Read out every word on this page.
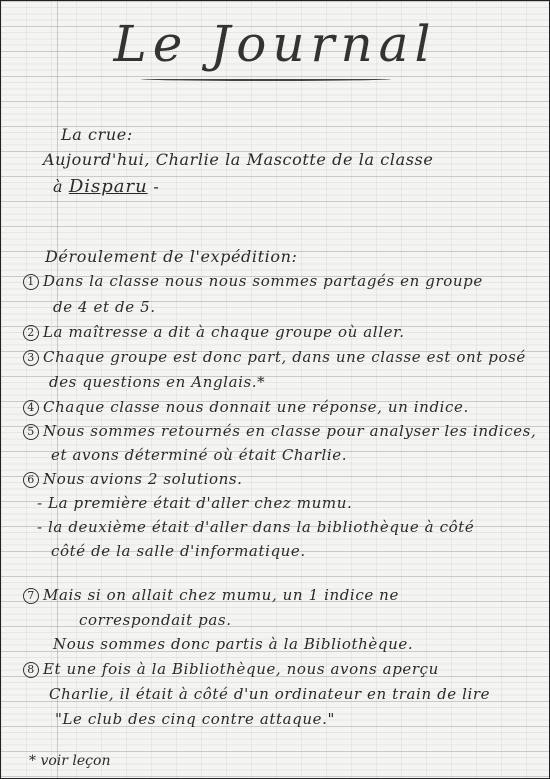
Le Journal
La crue:
Aujourd'hui, Charlie la Mascotte de la classe
à Disparu -
Déroulement de l'expédition:
1 Dans la classe nous nous sommes partagés en groupe
de 4 et de 5.
2 La maîtresse a dit à chaque groupe où aller.
3 Chaque groupe est donc part, dans une classe est ont posé
des questions en Anglais.*
4 Chaque classe nous donnait une réponse, un indice.
5 Nous sommes retournés en classe pour analyser les indices,
et avons déterminé où était Charlie.
6 Nous avions 2 solutions.
- La première était d'aller chez mumu.
- la deuxième était d'aller dans la bibliothèque à côté
côté de la salle d'informatique.
7 Mais si on allait chez mumu, un 1 indice ne
correspondait pas.
Nous sommes donc partis à la Bibliothèque.
8 Et une fois à la Bibliothèque, nous avons aperçu
Charlie, il était à côté d'un ordinateur en train de lire
"Le club des cinq contre attaque."
* voir leçon
